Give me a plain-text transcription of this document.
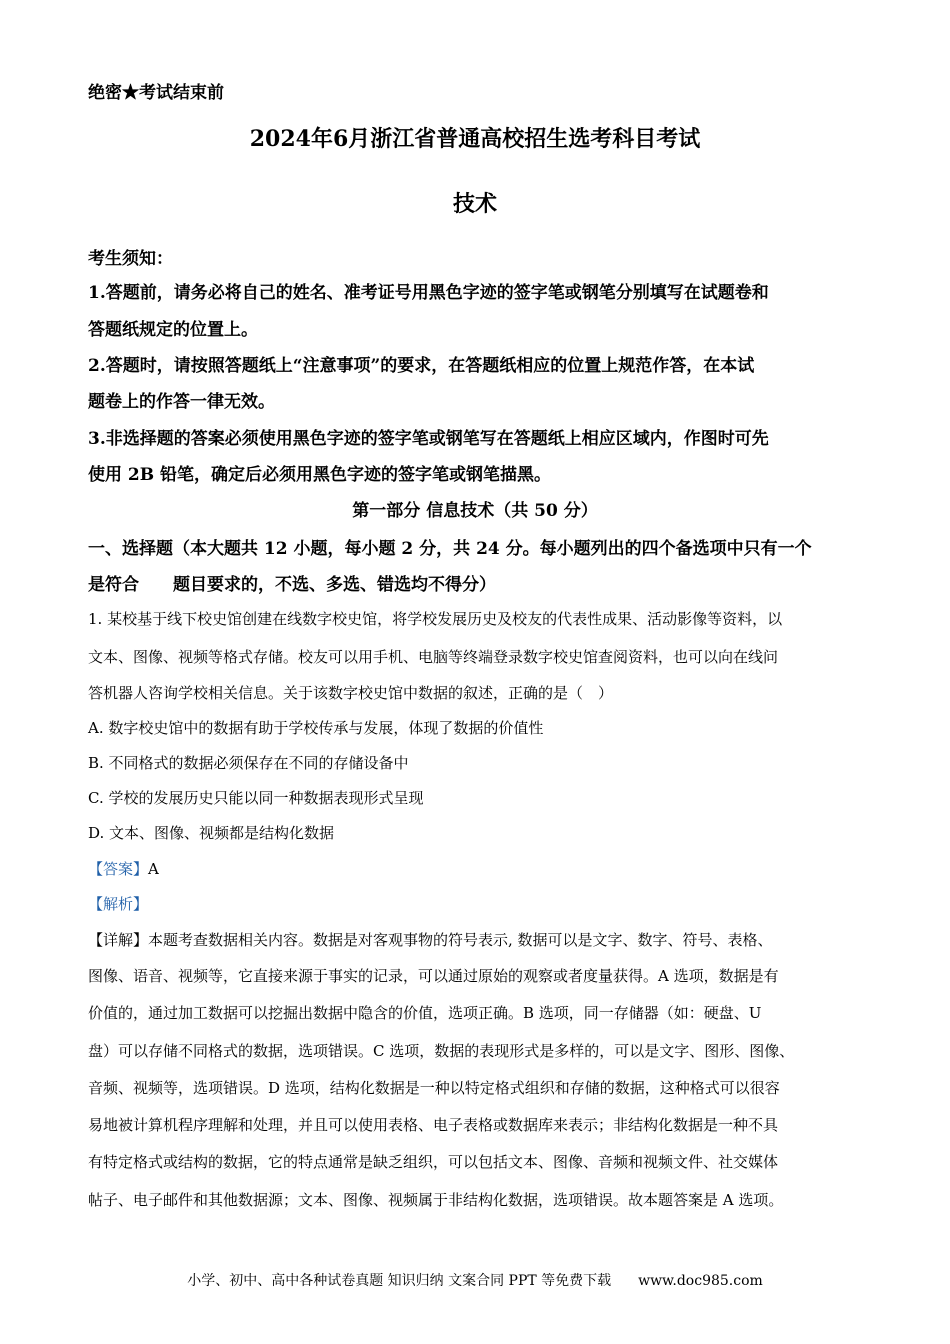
绝密★考试结束前
2024年6月浙江省普通高校招生选考科目考试
技术
考生须知：
1.答题前，请务必将自己的姓名、准考证号用黑色字迹的签字笔或钢笔分别填写在试题卷和
答题纸规定的位置上。
2.答题时，请按照答题纸上“注意事项”的要求，在答题纸相应的位置上规范作答，在本试
题卷上的作答一律无效。
3.非选择题的答案必须使用黑色字迹的签字笔或钢笔写在答题纸上相应区域内，作图时可先
使用 2B 铅笔，确定后必须用黑色字迹的签字笔或钢笔描黑。
第一部分 信息技术（共 50 分）
一、选择题（本大题共 12 小题，每小题 2 分，共 24 分。每小题列出的四个备选项中只有一个
是符合　　题目要求的，不选、多选、错选均不得分）
1. 某校基于线下校史馆创建在线数字校史馆，将学校发展历史及校友的代表性成果、活动影像等资料，以
文本、图像、视频等格式存储。校友可以用手机、电脑等终端登录数字校史馆查阅资料，也可以向在线问
答机器人咨询学校相关信息。关于该数字校史馆中数据的叙述，正确的是（　）
A. 数字校史馆中的数据有助于学校传承与发展，体现了数据的价值性
B. 不同格式的数据必须保存在不同的存储设备中
C. 学校的发展历史只能以同一种数据表现形式呈现
D. 文本、图像、视频都是结构化数据
【答案】A
【解析】
【详解】本题考查数据相关内容。数据是对客观事物的符号表示, 数据可以是文字、数字、符号、表格、
图像、语音、视频等，它直接来源于事实的记录，可以通过原始的观察或者度量获得。A 选项，数据是有
价值的，通过加工数据可以挖掘出数据中隐含的价值，选项正确。B 选项，同一存储器（如：硬盘、U
盘）可以存储不同格式的数据，选项错误。C 选项，数据的表现形式是多样的，可以是文字、图形、图像、
音频、视频等，选项错误。D 选项，结构化数据是一种以特定格式组织和存储的数据，这种格式可以很容
易地被计算机程序理解和处理，并且可以使用表格、电子表格或数据库来表示；非结构化数据是一种不具
有特定格式或结构的数据，它的特点通常是缺乏组织，可以包括文本、图像、音频和视频文件、社交媒体
帖子、电子邮件和其他数据源；文本、图像、视频属于非结构化数据，选项错误。故本题答案是 A 选项。
小学、初中、高中各种试卷真题 知识归纳 文案合同 PPT 等免费下载 www.doc985.com
